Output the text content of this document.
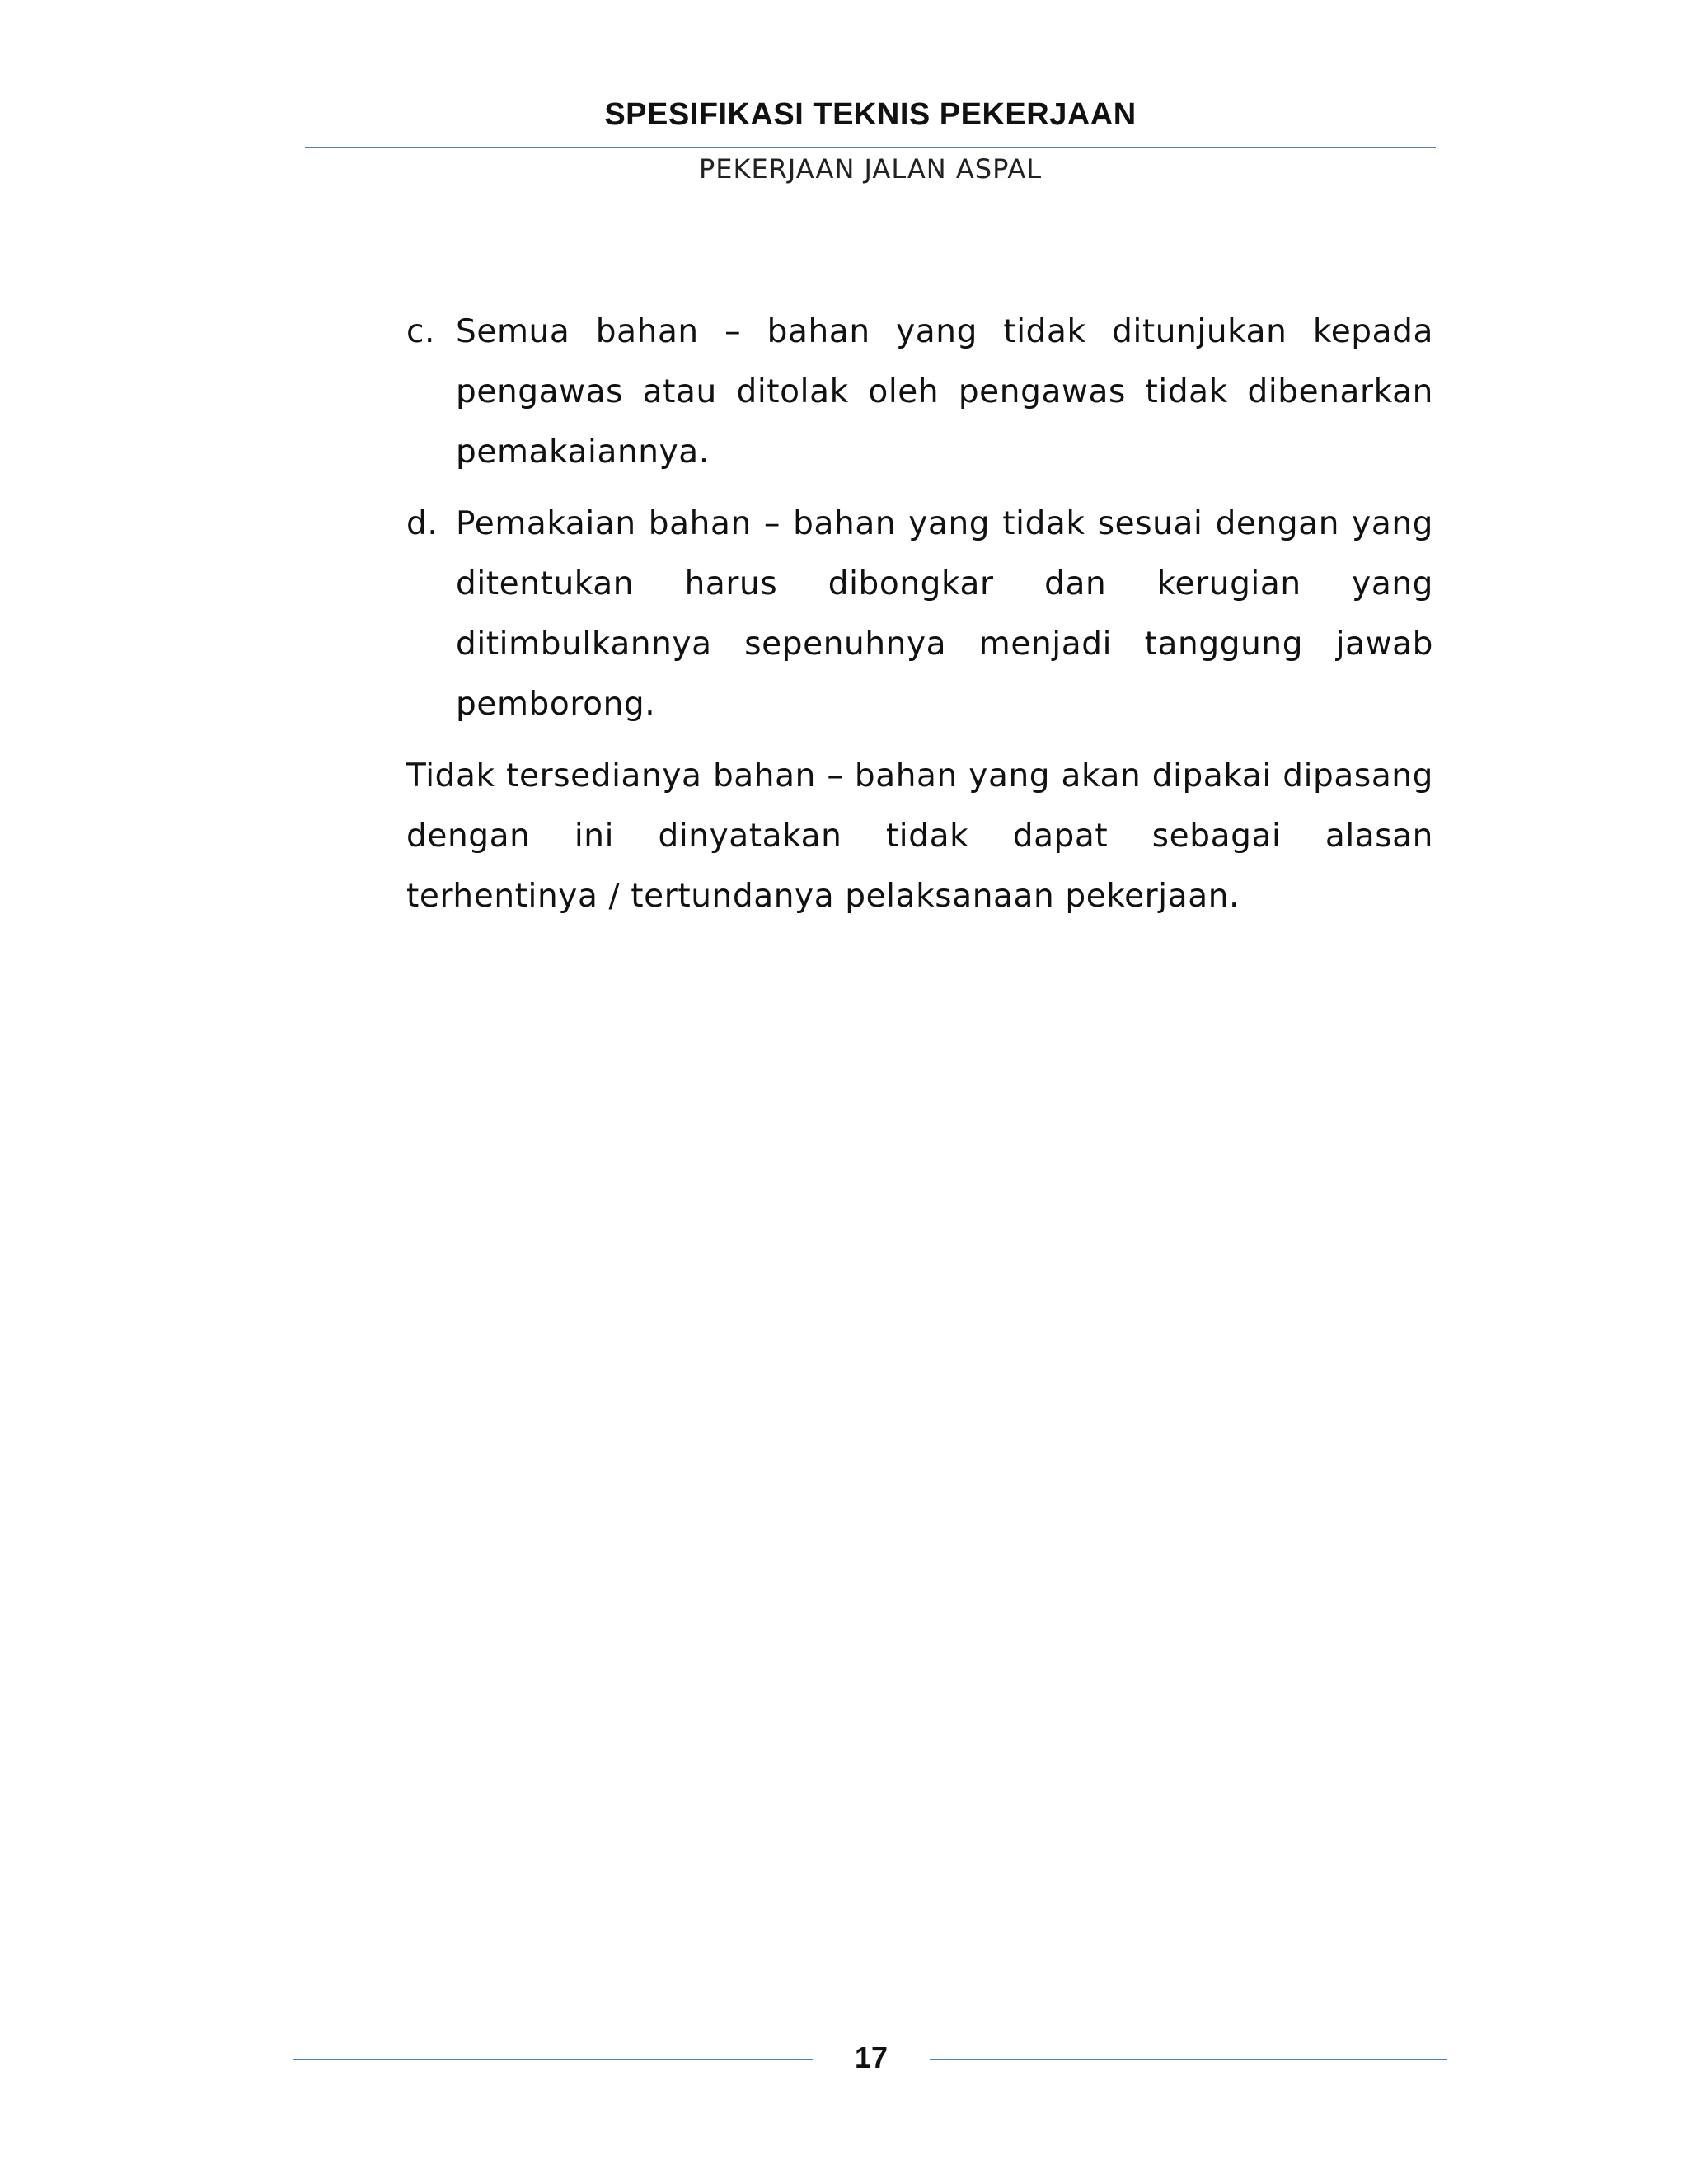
SPESIFIKASI TEKNIS PEKERJAAN
PEKERJAAN JALAN ASPAL
c. Semua bahan – bahan yang tidak ditunjukan kepada pengawas atau ditolak oleh pengawas tidak dibenarkan pemakaiannya.
d. Pemakaian bahan – bahan yang tidak sesuai dengan yang ditentukan harus dibongkar dan kerugian yang ditimbulkannya sepenuhnya menjadi tanggung jawab pemborong.
Tidak tersedianya bahan – bahan yang akan dipakai dipasang dengan ini dinyatakan tidak dapat sebagai alasan terhentinya / tertundanya pelaksanaan pekerjaan.
17
